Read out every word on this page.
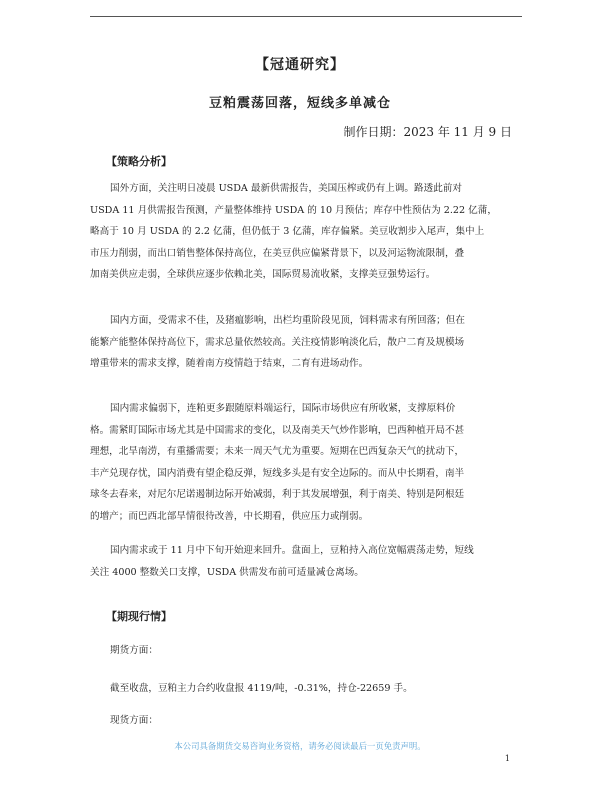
【冠通研究】
豆粕震荡回落，短线多单减仓
制作日期：2023 年 11 月 9 日
【策略分析】
国外方面，关注明日凌晨 USDA 最新供需报告，美国压榨或仍有上调。路透此前对
USDA 11 月供需报告预测，产量整体维持 USDA 的 10 月预估；库存中性预估为 2.22 亿蒲，
略高于 10 月 USDA 的 2.2 亿蒲，但仍低于 3 亿蒲，库存偏紧。美豆收割步入尾声，集中上
市压力削弱，而出口销售整体保持高位，在美豆供应偏紧背景下，以及河运物流限制，叠
加南美供应走弱，全球供应逐步依赖北美，国际贸易流收紧，支撑美豆强势运行。
国内方面，受需求不佳，及猪瘟影响，出栏均重阶段见顶，饲料需求有所回落；但在
能繁产能整体保持高位下，需求总量依然较高。关注疫情影响淡化后，散户二育及规模场
增重带来的需求支撑，随着南方疫情趋于结束，二育有进场动作。
国内需求偏弱下，连粕更多跟随原料端运行，国际市场供应有所收紧，支撑原料价
格。需紧盯国际市场尤其是中国需求的变化，以及南美天气炒作影响，巴西种植开局不甚
理想，北旱南涝，有重播需要；未来一周天气尤为重要。短期在巴西复杂天气的扰动下，
丰产兑现存忧，国内消费有望企稳反弹，短线多头是有安全边际的。而从中长期看，南半
球冬去春来，对尼尔尼诺遏制边际开始减弱，利于其发展增强，利于南美、特别是阿根廷
的增产；而巴西北部旱情很待改善，中长期看，供应压力或削弱。
国内需求或于 11 月中下旬开始迎来回升。盘面上，豆粕持入高位宽幅震荡走势，短线
关注 4000 整数关口支撑，USDA 供需发布前可适量减仓离场。
【期现行情】
期货方面：
截至收盘，豆粕主力合约收盘报 4119/吨，-0.31%，持仓-22659 手。
现货方面：
本公司具备期货交易咨询业务资格，请务必阅读最后一页免责声明。
1
